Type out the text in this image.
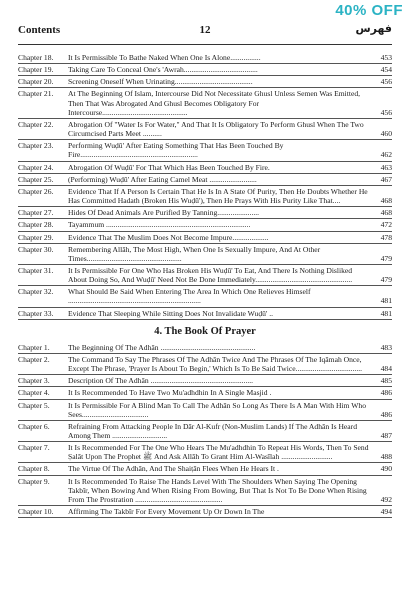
40% OFF
Contents	12	فهرس
Chapter 18.	It Is Permissible To Bathe Naked When One Is Alone................	453
Chapter 19.	Taking Care To Conceal One's 'Awrah.......................................	454
Chapter 20.	Screening Oneself When Urinating.........................................	456
Chapter 21.	At The Beginning Of Islam, Intercourse Did Not Necessitate Ghusl Unless Semen Was Emitted, Then That Was Abrogated And Ghusl Becomes Obligatory For Intercourse.............................................	456
Chapter 22.	Abrogation Of "Water Is For Water," And That It Is Obligatory To Perform Ghusl When The Two Circumcised Parts Meet ..........	460
Chapter 23.	Performing Wuḍū' After Eating Something That Has Been Touched By Fire..............................................................	462
Chapter 24.	Abrogation Of Wuḍū' For That Which Has Been Touched By Fire.	463
Chapter 25.	(Performing) Wuḍū' After Eating Camel Meat .........................	467
Chapter 26.	Evidence That If A Person Is Certain That He Is In A State Of Purity, Then He Doubts Whether He Has Committed Hadath (Broken His Wuḍū'), Then He Prays With His Purity Like That....	468
Chapter 27.	Hides Of Dead Animals Are Purified By Tanning......................	468
Chapter 28.	Tayammum ............................................................................	472
Chapter 29.	Evidence That The Muslim Does Not Become Impure...................	478
Chapter 30.	Remembering Allāh, The Most High, When One Is Sexually Impure, And At Other Times..................................................	479
Chapter 31.	It Is Permissible For One Who Has Broken His Wuḍū' To Eat, And There Is Nothing Disliked About Doing So, And Wuḍū' Need Not Be Done Immediately...................................................	479
Chapter 32.	What Should Be Said When Entering The Area In Which One Relieves Himself ......................................................................	481
Chapter 33.	Evidence That Sleeping While Sitting Does Not Invalidate Wuḍū' ..	481
4. The Book Of Prayer
Chapter 1.	The Beginning Of The Adhān ..................................................	483
Chapter 2.	The Command To Say The Phrases Of The Adhān Twice And The Phrases Of The Iqāmah Once, Except The Phrase, 'Prayer Is About To Begin,' Which Is To Be Said Twice...................................	484
Chapter 3.	Description Of The Adhān ......................................................	485
Chapter 4.	It Is Recommended To Have Two Mu'adhdhin In A Single Masjid .	486
Chapter 5.	It Is Permissible For A Blind Man To Call The Adhān So Long As There Is A Man With Him Who Sees...................................	486
Chapter 6.	Refraining From Attacking People In Dār Al-Kufr (Non-Muslim Lands) If The Adhān Is Heard Among Them .............................	487
Chapter 7.	It Is Recommended For The One Who Hears The Mu'adhdhin To Repeat His Words, Then To Send Ṣalāt Upon The Prophet ﷺ And Ask Allāh To Grant Him Al-Wasīlah ...........................	488
Chapter 8.	The Virtue Of The Adhān, And The Shaiṭān Flees When He Hears It .	490
Chapter 9.	It Is Recommended To Raise The Hands Level With The Shoulders When Saying The Opening Takbīr, When Bowing And When Rising From Bowing, But That Is Not To Be Done When Rising From The Prostration ..............................................	492
Chapter 10.	Affirming The Takbīr For Every Movement Up Or Down In The	494
